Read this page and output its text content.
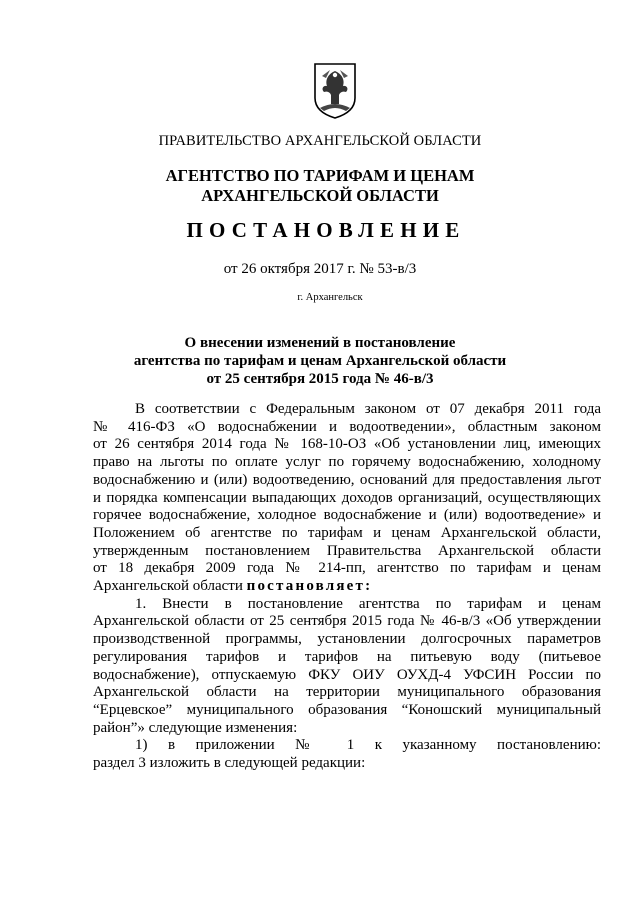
ПРАВИТЕЛЬСТВО АРХАНГЕЛЬСКОЙ ОБЛАСТИ
АГЕНТСТВО ПО ТАРИФАМ И ЦЕНАМ
АРХАНГЕЛЬСКОЙ ОБЛАСТИ
ПОСТАНОВЛЕНИЕ
от 26 октября 2017 г. № 53-в/3
г. Архангельск
О внесении изменений в постановление
агентства по тарифам и ценам Архангельской области
от 25 сентября 2015 года № 46-в/3

В соответствии с Федеральным законом от 07 декабря 2011 года
№ 416-ФЗ «О водоснабжении и водоотведении», областным законом
от 26 сентября 2014 года № 168-10-ОЗ «Об установлении лиц, имеющих
право на льготы по оплате услуг по горячему водоснабжению, холодному
водоснабжению и (или) водоотведению, оснований для предоставления льгот
и порядка компенсации выпадающих доходов организаций, осуществляющих
горячее водоснабжение, холодное водоснабжение и (или) водоотведение» и
Положением об агентстве по тарифам и ценам Архангельской области,
утвержденным постановлением Правительства Архангельской области
от 18 декабря 2009 года № 214-пп, агентство по тарифам и ценам
Архангельской области постановляет:

1. Внести в постановление агентства по тарифам и ценам
Архангельской области от 25 сентября 2015 года № 46-в/3 «Об утверждении
производственной программы, установлении долгосрочных параметров
регулирования тарифов и тарифов на питьевую воду (питьевое
водоснабжение), отпускаемую ФКУ ОИУ ОУХД-4 УФСИН России по
Архангельской области на территории муниципального образования
“Ерцевское” муниципального образования “Коношский муниципальный
район”» следующие изменения:

1) в приложении № 1 к указанному постановлению:
раздел 3 изложить в следующей редакции:
